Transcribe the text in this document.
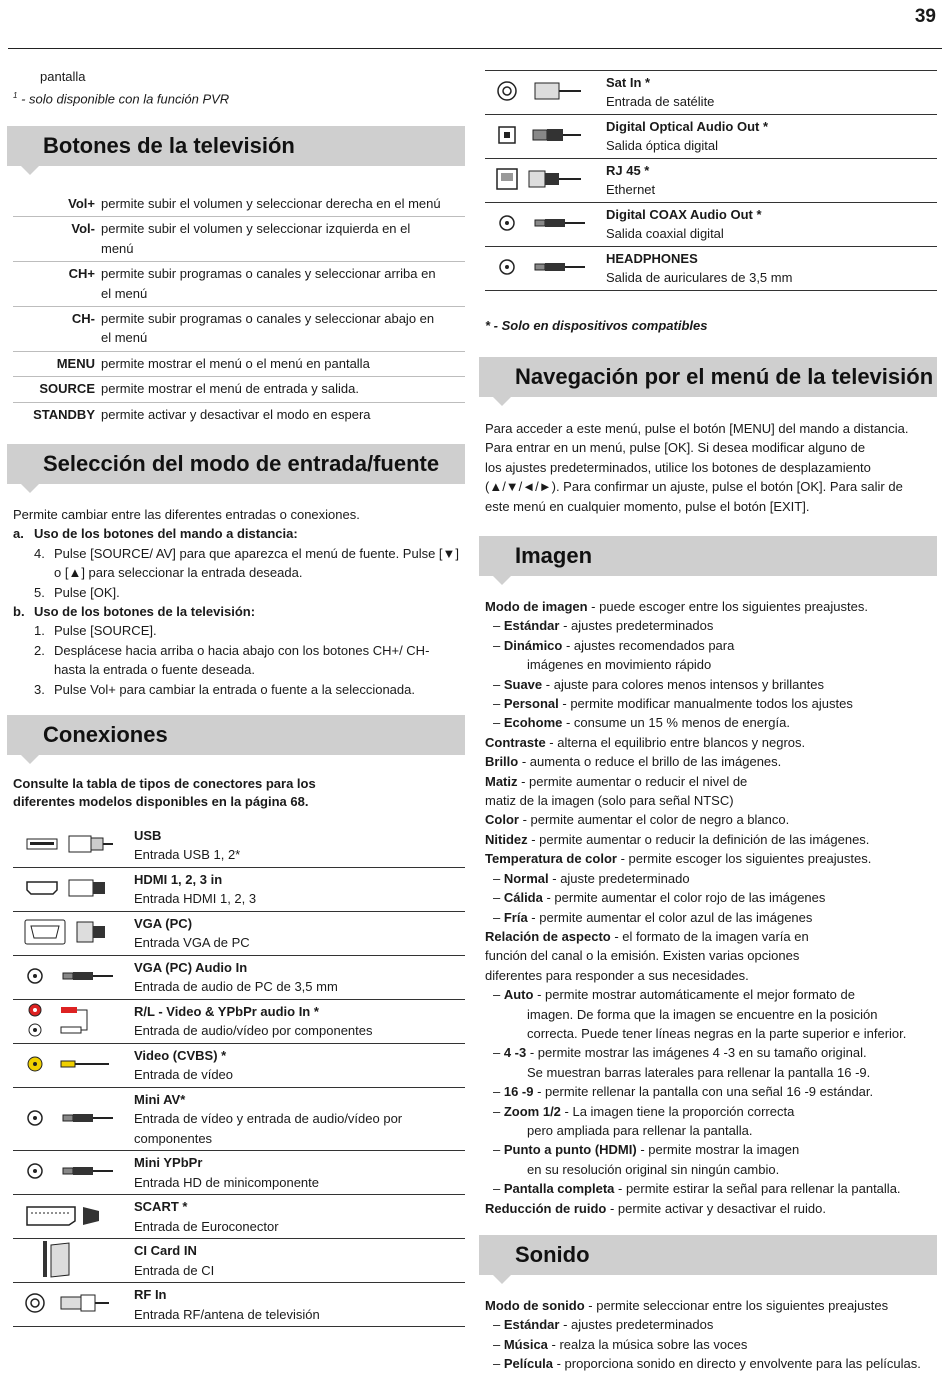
39
pantalla
$^1$ - solo disponible con la función PVR
Botones de la televisión
Vol+ permite subir el volumen y seleccionar derecha en el menú
Vol- permite subir el volumen y seleccionar izquierda en el
menú
CH+ permite subir programas o canales y seleccionar arriba en
el menú
CH- permite subir programas o canales y seleccionar abajo en
el menú
MENU permite mostrar el menú o el menú en pantalla
SOURCE permite mostrar el menú de entrada y salida.
STANDBY permite activar y desactivar el modo en espera
Selección del modo de entrada/fuente
Permite cambiar entre las diferentes entradas o conexiones.
a. Uso de los botones del mando a distancia:
4. Pulse [SOURCE/ AV] para que aparezca el menú de fuente. Pulse [▼]
o [▲] para seleccionar la entrada deseada.
5. Pulse [OK].
b. Uso de los botones de la televisión:
1. Pulse [SOURCE].
2. Desplácese hacia arriba o hacia abajo con los botones CH+/ CH-
hasta la entrada o fuente deseada.
3. Pulse Vol+ para cambiar la entrada o fuente a la seleccionada.
Conexiones
Consulte la tabla de tipos de conectores para los
diferentes modelos disponibles en la página 68.
USB
Entrada USB 1, 2*
HDMI 1, 2, 3 in
Entrada HDMI 1, 2, 3
VGA (PC)
Entrada VGA de PC
VGA (PC) Audio In
Entrada de audio de PC de 3,5 mm
R/L - Video & YPbPr audio In *
Entrada de audio/vídeo por componentes
Video (CVBS) *
Entrada de vídeo
Mini AV*
Entrada de vídeo y entrada de audio/vídeo por
componentes
Mini YPbPr
Entrada HD de minicomponente
SCART *
Entrada de Euroconector
CI Card IN
Entrada de CI
RF In
Entrada RF/antena de televisión
Sat In *
Entrada de satélite
Digital Optical Audio Out *
Salida óptica digital
RJ 45 *
Ethernet
Digital COAX Audio Out *
Salida coaxial digital
HEADPHONES
Salida de auriculares de 3,5 mm
* - Solo en dispositivos compatibles
Navegación por el menú de la televisión
Para acceder a este menú, pulse el botón [MENU] del mando a distancia.
Para entrar en un menú, pulse [OK]. Si desea modificar alguno de
los ajustes predeterminados, utilice los botones de desplazamiento
(▲/▼/◄/►). Para confirmar un ajuste, pulse el botón [OK]. Para salir de
este menú en cualquier momento, pulse el botón [EXIT].
Imagen
Modo de imagen - puede escoger entre los siguientes preajustes.
– Estándar - ajustes predeterminados
– Dinámico - ajustes recomendados para
imágenes en movimiento rápido
– Suave - ajuste para colores menos intensos y brillantes
– Personal - permite modificar manualmente todos los ajustes
– Ecohome - consume un 15 % menos de energía.
Contraste - alterna el equilibrio entre blancos y negros.
Brillo - aumenta o reduce el brillo de las imágenes.
Matiz - permite aumentar o reducir el nivel de
matiz de la imagen (solo para señal NTSC)
Color - permite aumentar el color de negro a blanco.
Nitidez - permite aumentar o reducir la definición de las imágenes.
Temperatura de color - permite escoger los siguientes preajustes.
– Normal - ajuste predeterminado
– Cálida - permite aumentar el color rojo de las imágenes
– Fría - permite aumentar el color azul de las imágenes
Relación de aspecto - el formato de la imagen varía en
función del canal o la emisión. Existen varias opciones
diferentes para responder a sus necesidades.
– Auto - permite mostrar automáticamente el mejor formato de
imagen. De forma que la imagen se encuentre en la posición
correcta. Puede tener líneas negras en la parte superior e inferior.
– 4 -3 - permite mostrar las imágenes 4 -3 en su tamaño original.
Se muestran barras laterales para rellenar la pantalla 16 -9.
– 16 -9 - permite rellenar la pantalla con una señal 16 -9 estándar.
– Zoom 1/2 - La imagen tiene la proporción correcta
pero ampliada para rellenar la pantalla.
– Punto a punto (HDMI) - permite mostrar la imagen
en su resolución original sin ningún cambio.
– Pantalla completa - permite estirar la señal para rellenar la pantalla.
Reducción de ruido - permite activar y desactivar el ruido.
Sonido
Modo de sonido - permite seleccionar entre los siguientes preajustes
– Estándar - ajustes predeterminados
– Música - realza la música sobre las voces
– Película - proporciona sonido en directo y envolvente para las películas.
